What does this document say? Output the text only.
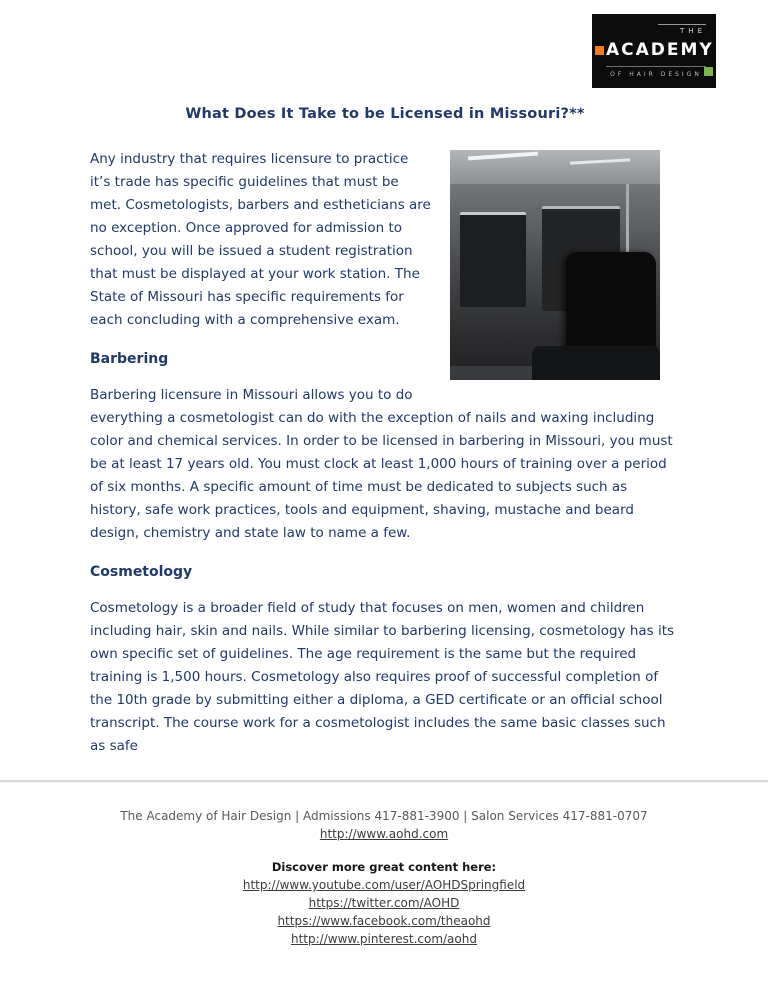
THE
ACADEMY
OF HAIR DESIGN
What Does It Take to be Licensed in Missouri?**

Any industry that requires licensure to practice it’s trade has specific guidelines that must be met. Cosmetologists, barbers and estheticians are no exception. Once approved for admission to school, you will be issued a student registration that must be displayed at your work station. The State of Missouri has specific requirements for each concluding with a comprehensive exam.

Barbering

Barbering licensure in Missouri allows you to do everything a cosmetologist can do with the exception of nails and waxing including color and chemical services. In order to be licensed in barbering in Missouri, you must be at least 17 years old. You must clock at least 1,000 hours of training over a period of six months. A specific amount of time must be dedicated to subjects such as history, safe work practices, tools and equipment, shaving, mustache and beard design, chemistry and state law to name a few.

Cosmetology

Cosmetology is a broader field of study that focuses on men, women and children including hair, skin and nails. While similar to barbering licensing, cosmetology has its own specific set of guidelines. The age requirement is the same but the required training is 1,500 hours. Cosmetology also requires proof of successful completion of the 10th grade by submitting either a diploma, a GED certificate or an official school transcript. The course work for a cosmetologist includes the same basic classes such as safe

The Academy of Hair Design | Admissions 417-881-3900 | Salon Services 417-881-0707
http://www.aohd.com
Discover more great content here:
http://www.youtube.com/user/AOHDSpringfield
https://twitter.com/AOHD
https://www.facebook.com/theaohd
http://www.pinterest.com/aohd
